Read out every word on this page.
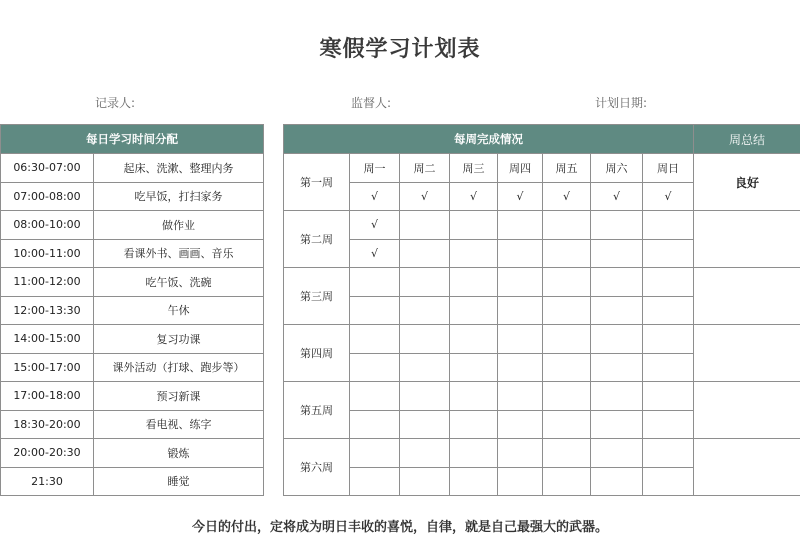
寒假学习计划表
记录人:	监督人:	计划日期:
每日学习时间分配	
06:30-07:00	起床、洗漱、整理内务
07:00-08:00	吃早饭，打扫家务
08:00-10:00	做作业
10:00-11:00	看课外书、画画、音乐
11:00-12:00	吃午饭、洗碗
12:00-13:30	午休
14:00-15:00	复习功课
15:00-17:00	课外活动（打球、跑步等）
17:00-18:00	预习新课
18:30-20:00	看电视、练字
20:00-20:30	锻炼
21:30	睡觉
每周完成情况								周总结
第一周	周一	周二	周三	周四	周五	周六	周日	良好
	√	√	√	√	√	√	√	
第二周	√							
	√							
第三周								

第四周								

第五周								

第六周								

今日的付出，定将成为明日丰收的喜悦，自律，就是自己最强大的武器。
